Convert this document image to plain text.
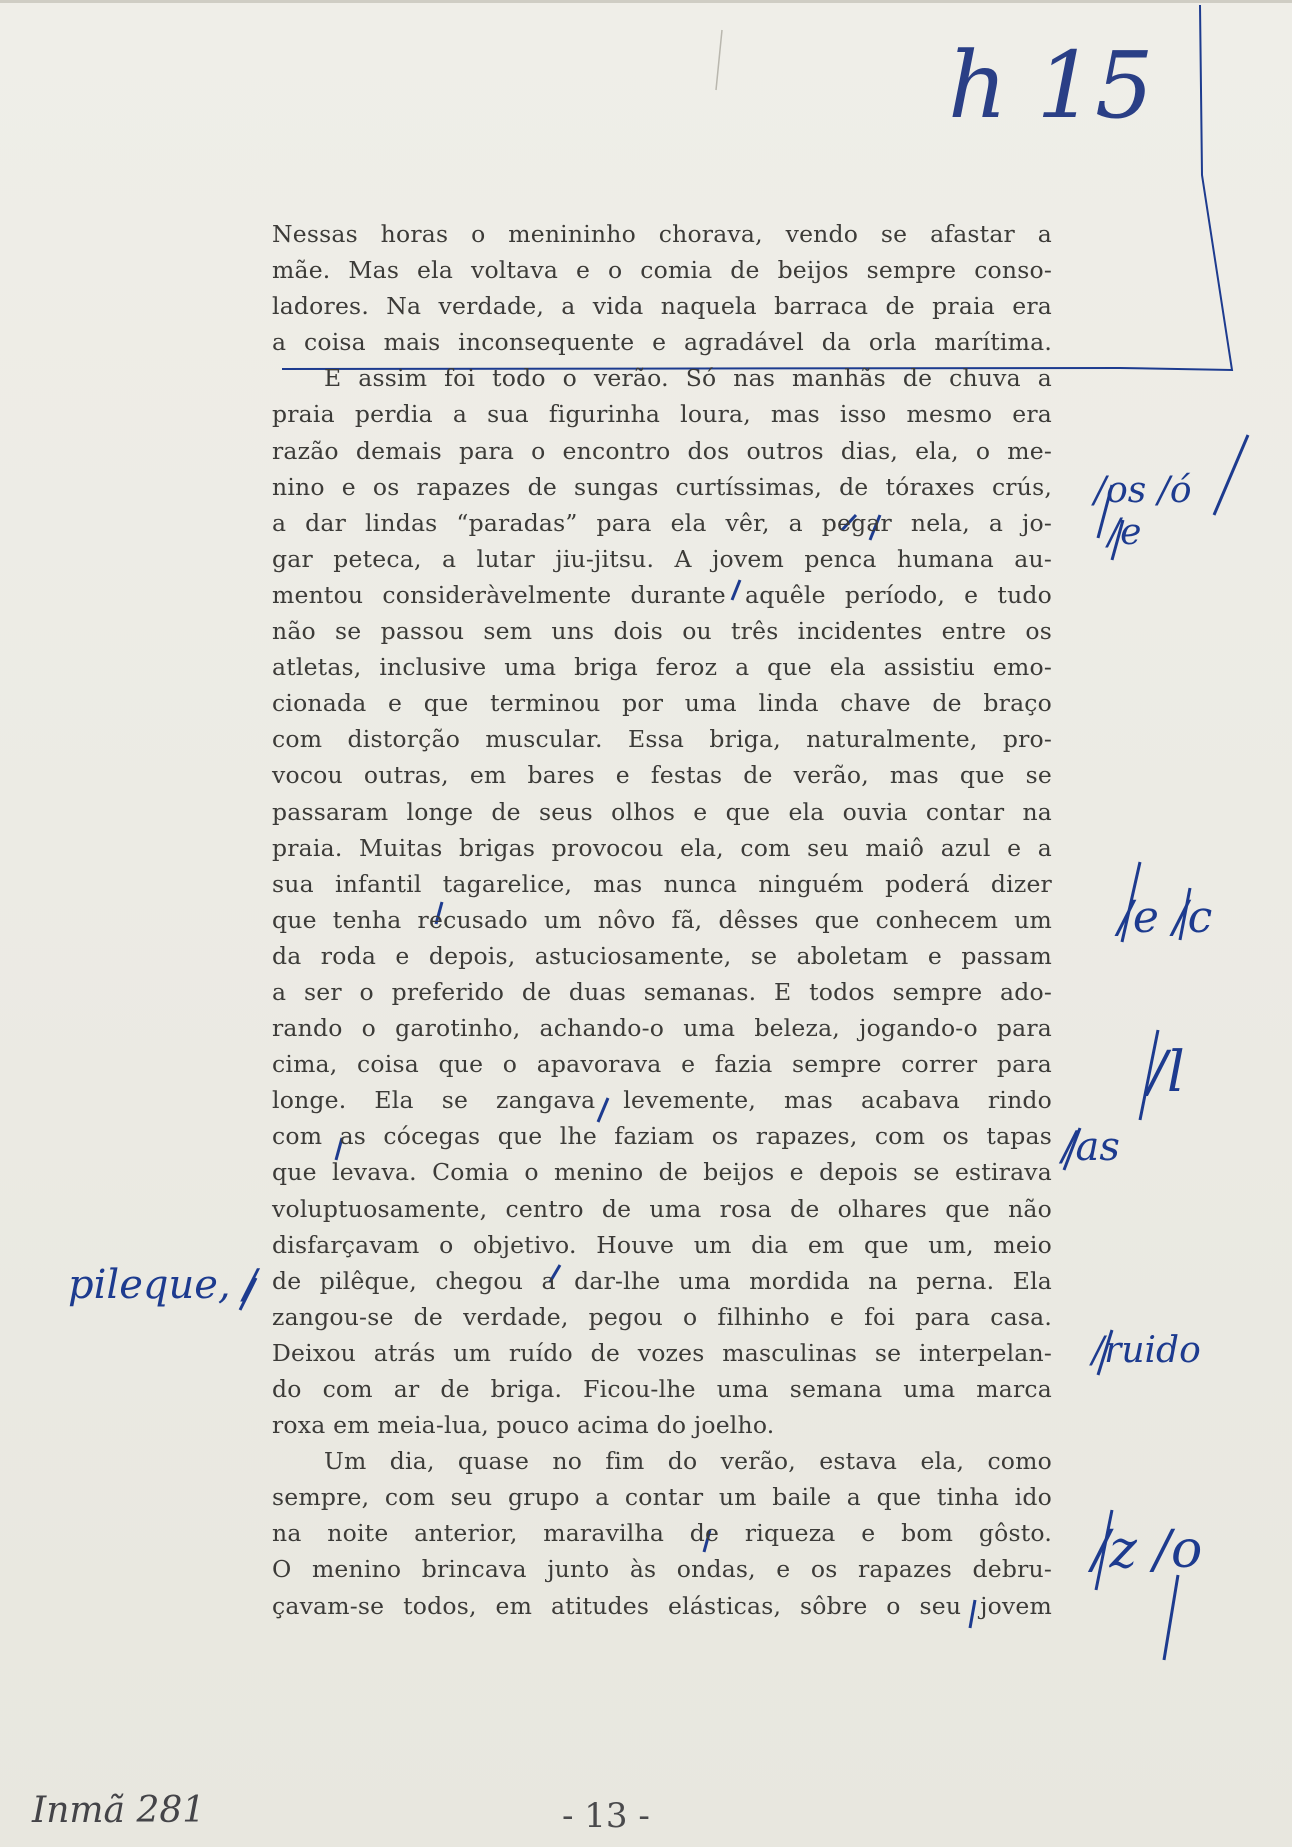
h 15
Nessas horas o menininho chorava, vendo se afastar a
mãe. Mas ela voltava e o comia de beijos sempre conso-
ladores. Na verdade, a vida naquela barraca de praia era
a coisa mais inconsequente e agradável da orla marítima.
E assim foi todo o verão. Só nas manhãs de chuva a
praia perdia a sua figurinha loura, mas isso mesmo era
razão demais para o encontro dos outros dias, ela, o me-
nino e os rapazes de sungas curtíssimas, de tóraxes crús,
a dar lindas “paradas” para ela vêr, a pegar nela, a jo-
gar peteca, a lutar jiu-jitsu. A jovem penca humana au-
mentou consideràvelmente durante aquêle período, e tudo
não se passou sem uns dois ou três incidentes entre os
atletas, inclusive uma briga feroz a que ela assistiu emo-
cionada e que terminou por uma linda chave de braço
com distorção muscular. Essa briga, naturalmente, pro-
vocou outras, em bares e festas de verão, mas que se
passaram longe de seus olhos e que ela ouvia contar na
praia. Muitas brigas provocou ela, com seu maiô azul e a
sua infantil tagarelice, mas nunca ninguém poderá dizer
que tenha recusado um nôvo fã, dêsses que conhecem um
da roda e depois, astuciosamente, se aboletam e passam
a ser o preferido de duas semanas. E todos sempre ado-
rando o garotinho, achando-o uma beleza, jogando-o para
cima, coisa que o apavorava e fazia sempre correr para
longe. Ela se zangava levemente, mas acabava rindo
com as cócegas que lhe faziam os rapazes, com os tapas
que levava. Comia o menino de beijos e depois se estirava
voluptuosamente, centro de uma rosa de olhares que não
disfarçavam o objetivo. Houve um dia em que um, meio
de pilêque, chegou a dar-lhe uma mordida na perna. Ela
zangou-se de verdade, pegou o filhinho e foi para casa.
Deixou atrás um ruído de vozes masculinas se interpelan-
do com ar de briga. Ficou-lhe uma semana uma marca
roxa em meia-lua, pouco acima do joelho.
Um dia, quase no fim do verão, estava ela, como
sempre, com seu grupo a contar um baile a que tinha ido
na noite anterior, maravilha de riqueza e bom gôsto.
O menino brincava junto às ondas, e os rapazes debru-
çavam-se todos, em atitudes elásticas, sôbre o seu jovem
/os /ó
/e
/e /c
/l
/as
pileque, /
/ruido
/z /o
Inmã 281	- 13 -
